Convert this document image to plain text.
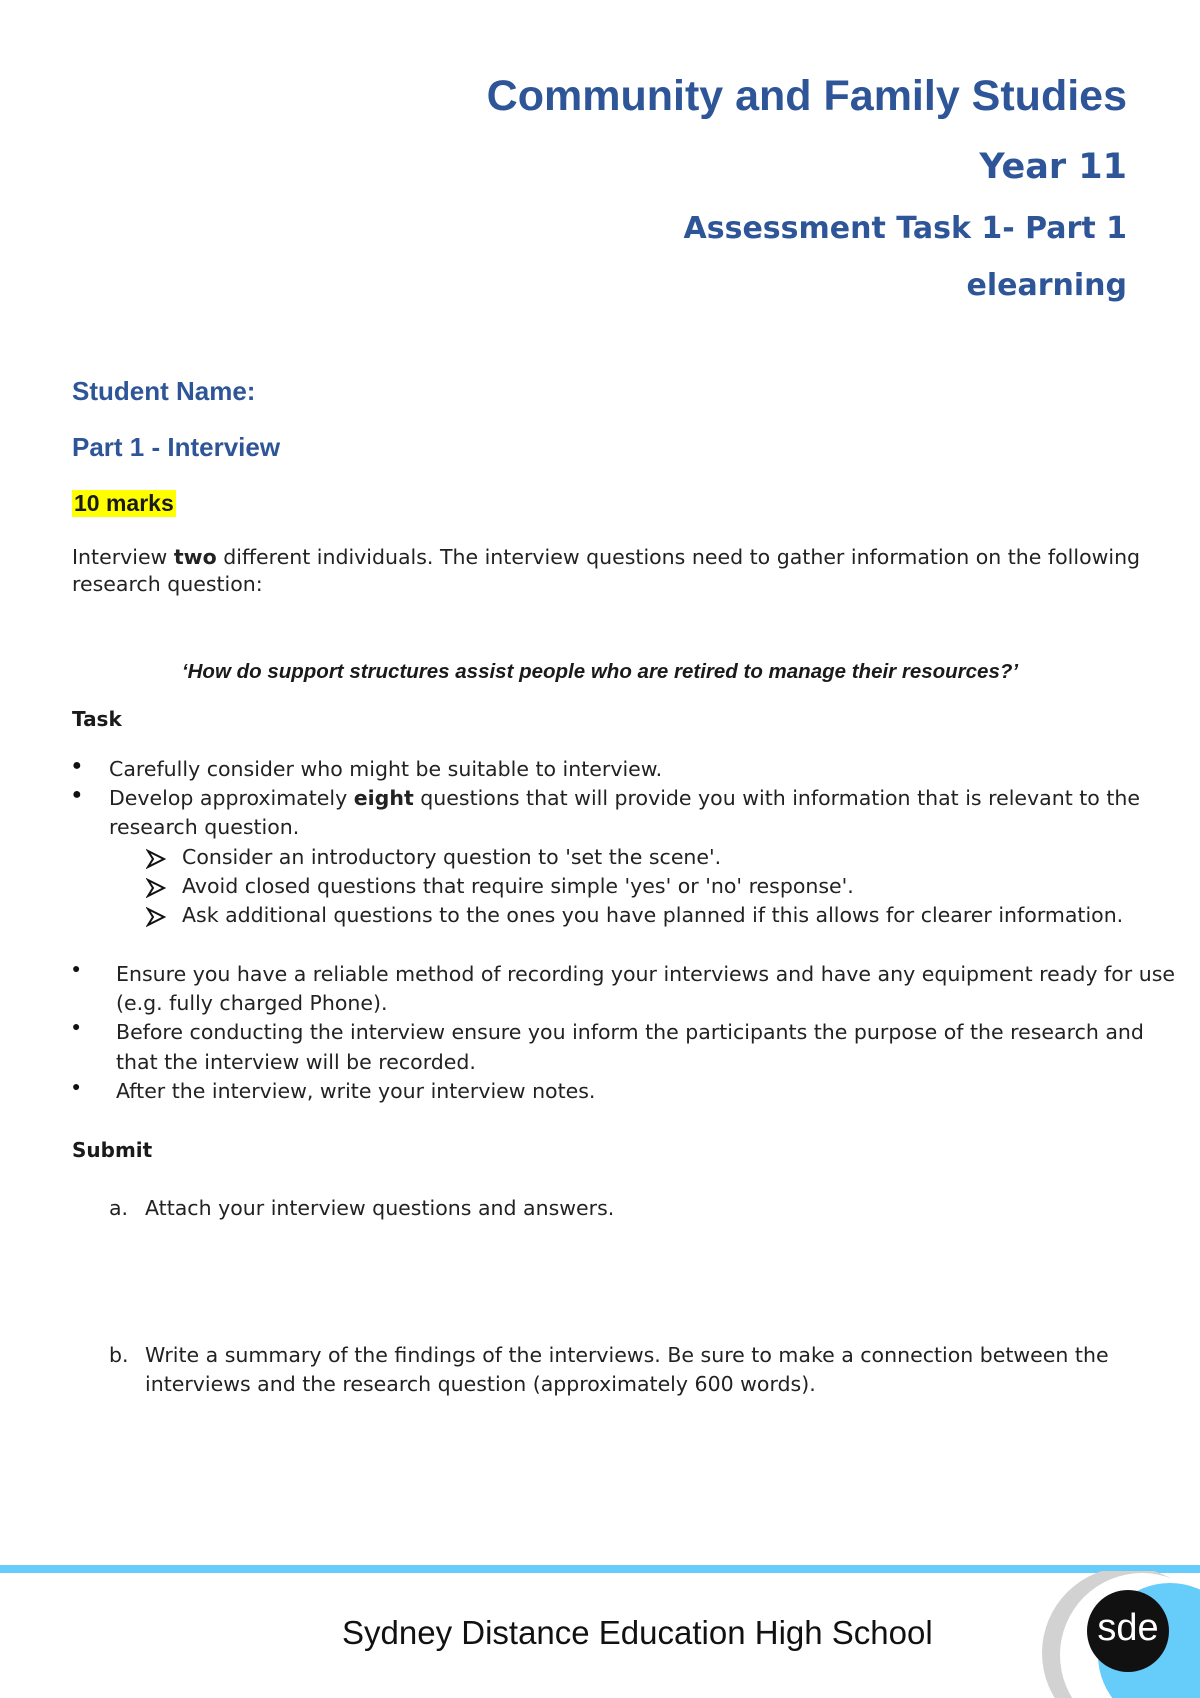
Community and Family Studies
Year 11
Assessment Task 1- Part 1
elearning
Student Name:
Part 1 - Interview
10 marks
Interview two different individuals. The interview questions need to gather information on the following
research question:
‘How do support structures assist people who are retired to manage their resources?’
Task
● Carefully consider who might be suitable to interview.
● Develop approximately eight questions that will provide you with information that is relevant to the
research question.
Consider an introductory question to 'set the scene'.
Avoid closed questions that require simple 'yes' or 'no' response'.
Ask additional questions to the ones you have planned if this allows for clearer information.
● Ensure you have a reliable method of recording your interviews and have any equipment ready for use
(e.g. fully charged Phone).
● Before conducting the interview ensure you inform the participants the purpose of the research and
that the interview will be recorded.
● After the interview, write your interview notes.
Submit
a. Attach your interview questions and answers.
b. Write a summary of the findings of the interviews. Be sure to make a connection between the
interviews and the research question (approximately 600 words).
Sydney Distance Education High School	sde
